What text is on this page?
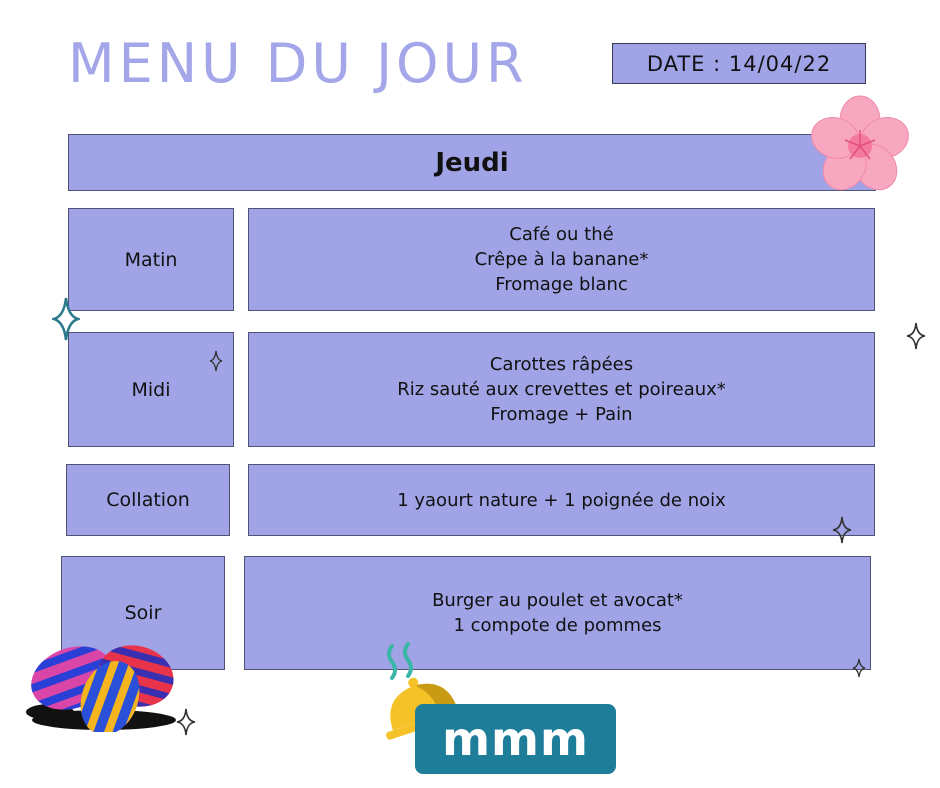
MENU DU JOUR	DATE : 14/04/22
Jeudi
Matin
Café ou thé
Crêpe à la banane*
Fromage blanc
Midi
Carottes râpées
Riz sauté aux crevettes et poireaux*
Fromage + Pain
Collation	1 yaourt nature + 1 poignée de noix
Soir
Burger au poulet et avocat*
1 compote de pommes
mmm
